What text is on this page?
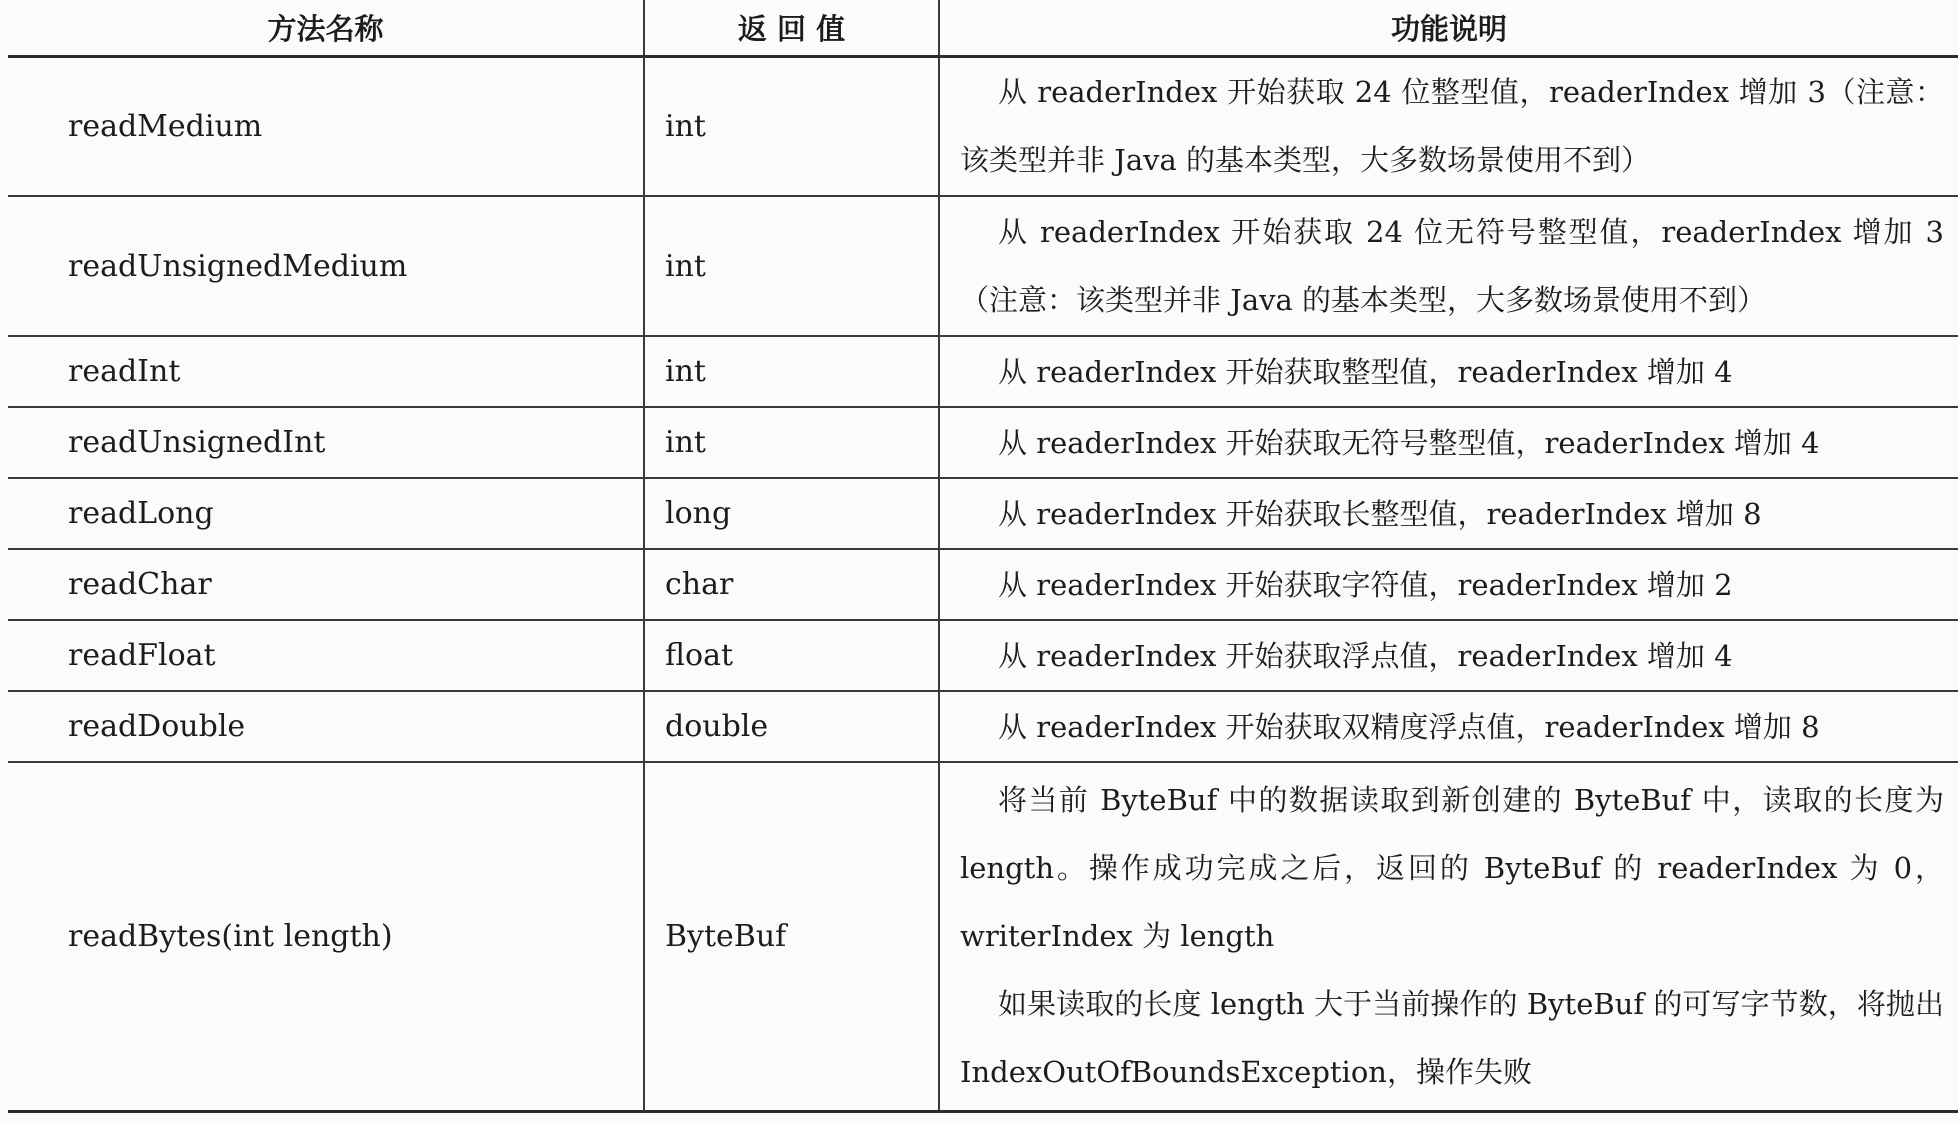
方法名称	返 回 值	功能说明
readMedium	int	从 readerIndex 开始获取 24 位整型值，readerIndex 增加 3（注意：该类型并非 Java 的基本类型，大多数场景使用不到）

readUnsignedMedium	int	从 readerIndex 开始获取 24 位无符号整型值，readerIndex 增加 3（注意：该类型并非 Java 的基本类型，大多数场景使用不到）

readInt	int	从 readerIndex 开始获取整型值，readerIndex 增加 4

readUnsignedInt	int	从 readerIndex 开始获取无符号整型值，readerIndex 增加 4

readLong	long	从 readerIndex 开始获取长整型值，readerIndex 增加 8

readChar	char	从 readerIndex 开始获取字符值，readerIndex 增加 2

readFloat	float	从 readerIndex 开始获取浮点值，readerIndex 增加 4

readDouble	double	从 readerIndex 开始获取双精度浮点值，readerIndex 增加 8

readBytes(int length)	ByteBuf	将当前 ByteBuf 中的数据读取到新创建的 ByteBuf 中，读取的长度为 length。操作成功完成之后，返回的 ByteBuf 的 readerIndex 为 0，writerIndex 为 length

如果读取的长度 length 大于当前操作的 ByteBuf 的可写字节数，将抛出 IndexOutOfBoundsException，操作失败
